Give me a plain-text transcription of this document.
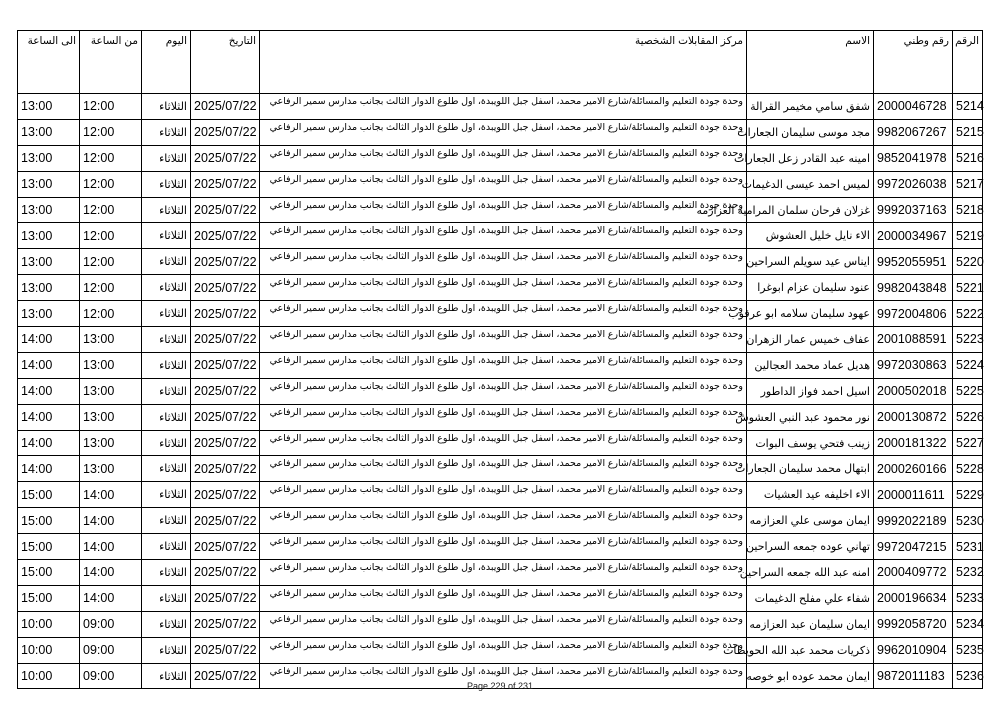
الرقم	رقم وطني	الاسم	مركز المقابلات الشخصية	التاريخ	اليوم	من الساعة	الى الساعة
5214	2000046728	شفق سامي مخيمر القرالة	وحدة جودة التعليم والمسائلة/شارع الامير محمد، اسفل جبل اللويبدة، اول طلوع الدوار الثالث بجانب مدارس سمير الرفاعي	2025/07/22	الثلاثاء	12:00	13:00
5215	9982067267	مجد موسى سليمان الجعارات	وحدة جودة التعليم والمسائلة/شارع الامير محمد، اسفل جبل اللويبدة، اول طلوع الدوار الثالث بجانب مدارس سمير الرفاعي	2025/07/22	الثلاثاء	12:00	13:00
5216	9852041978	امينه عبد القادر زعل الجعارات	وحدة جودة التعليم والمسائلة/شارع الامير محمد، اسفل جبل اللويبدة، اول طلوع الدوار الثالث بجانب مدارس سمير الرفاعي	2025/07/22	الثلاثاء	12:00	13:00
5217	9972026038	لميس احمد عيسى الدغيمات	وحدة جودة التعليم والمسائلة/شارع الامير محمد، اسفل جبل اللويبدة، اول طلوع الدوار الثالث بجانب مدارس سمير الرفاعي	2025/07/22	الثلاثاء	12:00	13:00
5218	9992037163	غزلان فرحان سلمان المرامية العزازمه	وحدة جودة التعليم والمسائلة/شارع الامير محمد، اسفل جبل اللويبدة، اول طلوع الدوار الثالث بجانب مدارس سمير الرفاعي	2025/07/22	الثلاثاء	12:00	13:00
5219	2000034967	الاء نايل خليل العشوش	وحدة جودة التعليم والمسائلة/شارع الامير محمد، اسفل جبل اللويبدة، اول طلوع الدوار الثالث بجانب مدارس سمير الرفاعي	2025/07/22	الثلاثاء	12:00	13:00
5220	9952055951	ايناس عيد سويلم السراحين	وحدة جودة التعليم والمسائلة/شارع الامير محمد، اسفل جبل اللويبدة، اول طلوع الدوار الثالث بجانب مدارس سمير الرفاعي	2025/07/22	الثلاثاء	12:00	13:00
5221	9982043848	عنود سليمان عزام ابوغرا	وحدة جودة التعليم والمسائلة/شارع الامير محمد، اسفل جبل اللويبدة، اول طلوع الدوار الثالث بجانب مدارس سمير الرفاعي	2025/07/22	الثلاثاء	12:00	13:00
5222	9972004806	عهود سليمان سلامه ابو عرقوب	وحدة جودة التعليم والمسائلة/شارع الامير محمد، اسفل جبل اللويبدة، اول طلوع الدوار الثالث بجانب مدارس سمير الرفاعي	2025/07/22	الثلاثاء	12:00	13:00
5223	2001088591	عفاف خميس عمار الزهران	وحدة جودة التعليم والمسائلة/شارع الامير محمد، اسفل جبل اللويبدة، اول طلوع الدوار الثالث بجانب مدارس سمير الرفاعي	2025/07/22	الثلاثاء	13:00	14:00
5224	9972030863	هديل عماد محمد العجالين	وحدة جودة التعليم والمسائلة/شارع الامير محمد، اسفل جبل اللويبدة، اول طلوع الدوار الثالث بجانب مدارس سمير الرفاعي	2025/07/22	الثلاثاء	13:00	14:00
5225	2000502018	اسيل احمد فواز الداطور	وحدة جودة التعليم والمسائلة/شارع الامير محمد، اسفل جبل اللويبدة، اول طلوع الدوار الثالث بجانب مدارس سمير الرفاعي	2025/07/22	الثلاثاء	13:00	14:00
5226	2000130872	نور محمود عبد النبي العشوش	وحدة جودة التعليم والمسائلة/شارع الامير محمد، اسفل جبل اللويبدة، اول طلوع الدوار الثالث بجانب مدارس سمير الرفاعي	2025/07/22	الثلاثاء	13:00	14:00
5227	2000181322	زينب فتحي يوسف البوات	وحدة جودة التعليم والمسائلة/شارع الامير محمد، اسفل جبل اللويبدة، اول طلوع الدوار الثالث بجانب مدارس سمير الرفاعي	2025/07/22	الثلاثاء	13:00	14:00
5228	2000260166	ابتهال محمد سليمان الجعارات	وحدة جودة التعليم والمسائلة/شارع الامير محمد، اسفل جبل اللويبدة، اول طلوع الدوار الثالث بجانب مدارس سمير الرفاعي	2025/07/22	الثلاثاء	13:00	14:00
5229	2000011611	الاء اخليفه عيد العشيات	وحدة جودة التعليم والمسائلة/شارع الامير محمد، اسفل جبل اللويبدة، اول طلوع الدوار الثالث بجانب مدارس سمير الرفاعي	2025/07/22	الثلاثاء	14:00	15:00
5230	9992022189	ايمان موسى علي العزازمه	وحدة جودة التعليم والمسائلة/شارع الامير محمد، اسفل جبل اللويبدة، اول طلوع الدوار الثالث بجانب مدارس سمير الرفاعي	2025/07/22	الثلاثاء	14:00	15:00
5231	9972047215	تهاني عوده جمعه السراحين	وحدة جودة التعليم والمسائلة/شارع الامير محمد، اسفل جبل اللويبدة، اول طلوع الدوار الثالث بجانب مدارس سمير الرفاعي	2025/07/22	الثلاثاء	14:00	15:00
5232	2000409772	امنه عبد الله جمعه السراحين	وحدة جودة التعليم والمسائلة/شارع الامير محمد، اسفل جبل اللويبدة، اول طلوع الدوار الثالث بجانب مدارس سمير الرفاعي	2025/07/22	الثلاثاء	14:00	15:00
5233	2000196634	شفاء علي مفلح الدغيمات	وحدة جودة التعليم والمسائلة/شارع الامير محمد، اسفل جبل اللويبدة، اول طلوع الدوار الثالث بجانب مدارس سمير الرفاعي	2025/07/22	الثلاثاء	14:00	15:00
5234	9992058720	ايمان سليمان عبد العزازمه	وحدة جودة التعليم والمسائلة/شارع الامير محمد، اسفل جبل اللويبدة، اول طلوع الدوار الثالث بجانب مدارس سمير الرفاعي	2025/07/22	الثلاثاء	09:00	10:00
5235	9962010904	ذكريات محمد عبد الله الحويطات	وحدة جودة التعليم والمسائلة/شارع الامير محمد، اسفل جبل اللويبدة، اول طلوع الدوار الثالث بجانب مدارس سمير الرفاعي	2025/07/22	الثلاثاء	09:00	10:00
5236	9872011183	ايمان محمد عوده ابو خوصه	وحدة جودة التعليم والمسائلة/شارع الامير محمد، اسفل جبل اللويبدة، اول طلوع الدوار الثالث بجانب مدارس سمير الرفاعي	2025/07/22	الثلاثاء	09:00	10:00
Page 229 of 231
